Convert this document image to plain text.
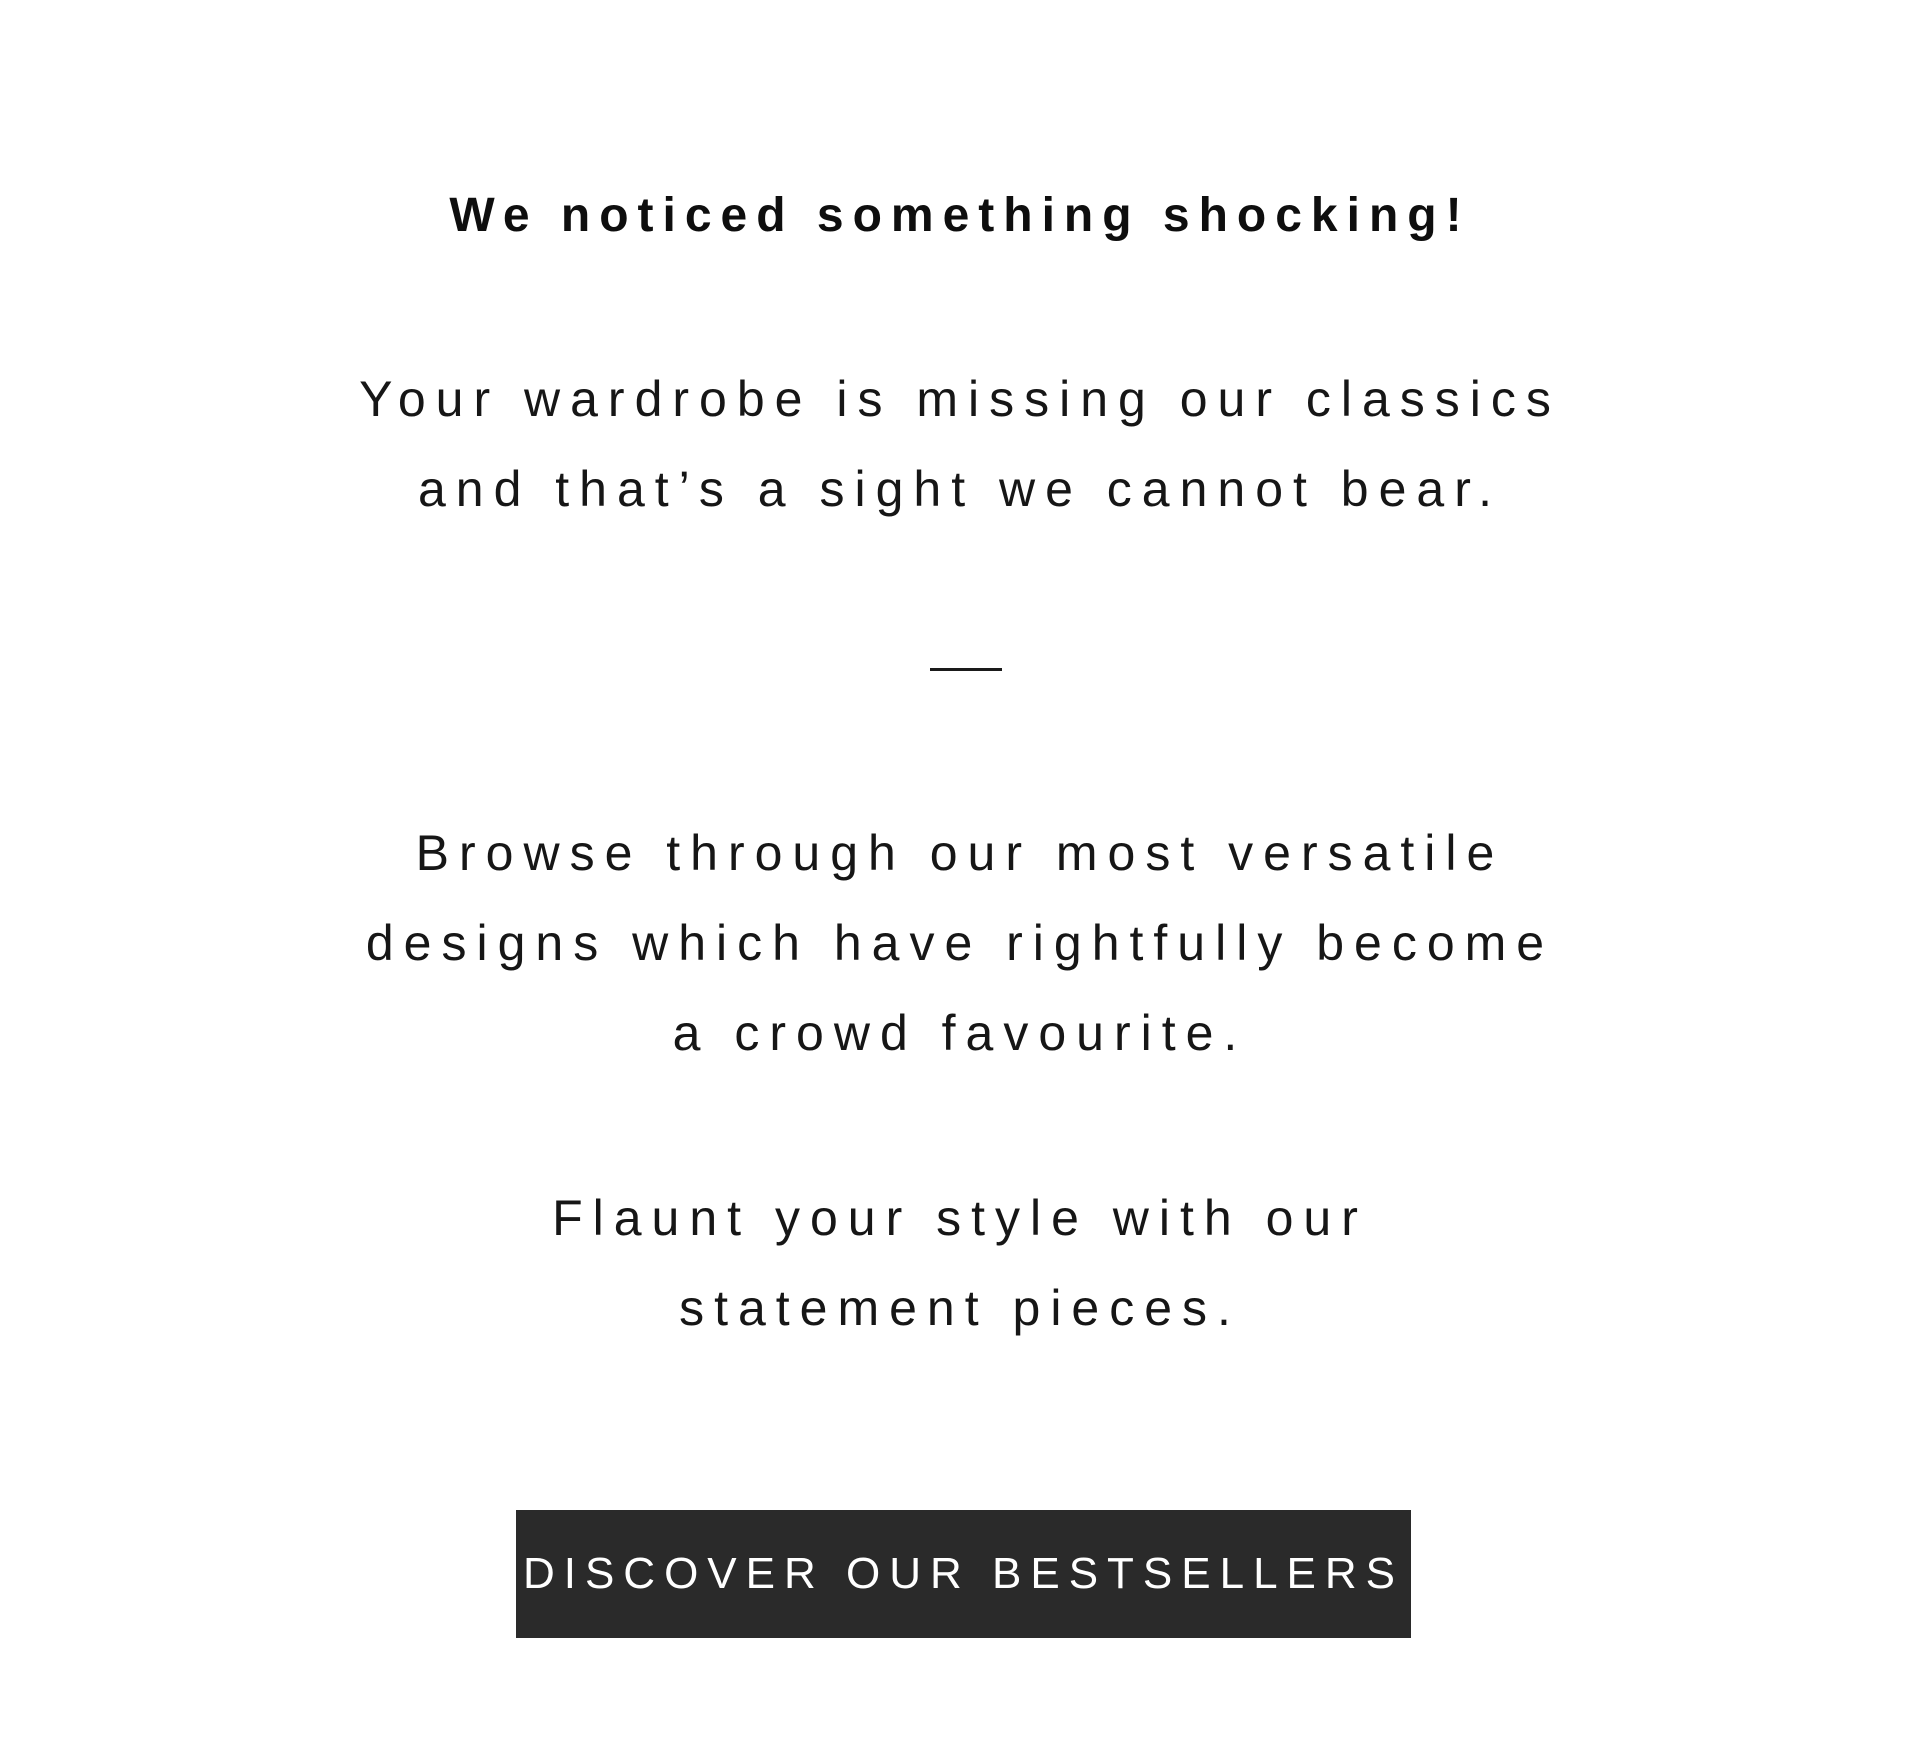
We noticed something shocking!
Your wardrobe is missing our classics
and that’s a sight we cannot bear.
Browse through our most versatile
designs which have rightfully become
a crowd favourite.
Flaunt your style with our
statement pieces.
DISCOVER OUR BESTSELLERS
